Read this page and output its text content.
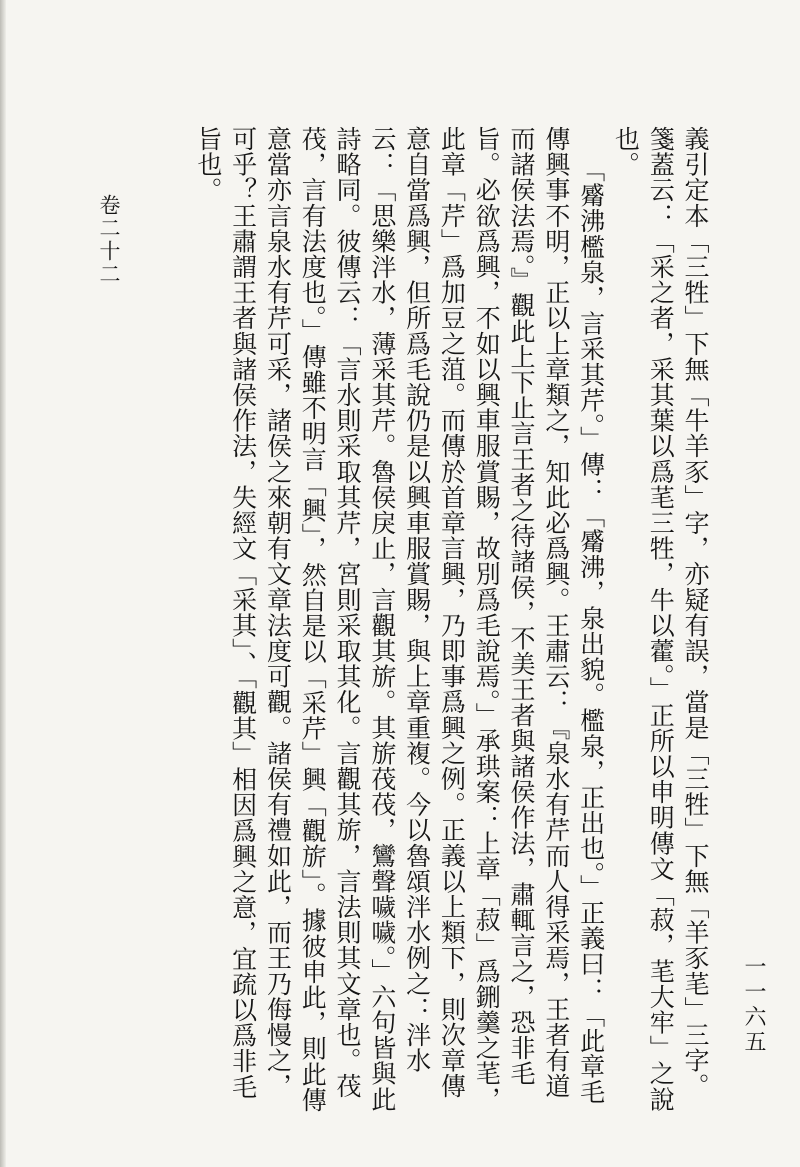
一一六五

義引定本「三牲」下無「牛羊豕」字，亦疑有誤，當是「三牲」下無「羊豕芼」三字。箋蓋云：「采之者，采其葉以爲芼三牲，牛以藿。」正所以申明傳文「菽，芼大牢」之說也。

「觱沸檻泉，言采其芹。」傳：「觱沸，泉出貌。檻泉，正出也。」正義曰：「此章毛傳興事不明，正以上章類之，知此必爲興。王肅云：『泉水有芹而人得采焉，王者有道而諸侯法焉。』觀此上下止言王者之待諸侯，不美王者與諸侯作法，肅輒言之，恐非毛旨。必欲爲興，不如以興車服賞賜，故別爲毛說焉。」承珙案：上章「菽」爲鉶羹之芼，此章「芹」爲加豆之菹。而傳於首章言興，乃即事爲興之例。正義以上類下，則次章傳意自當爲興，但所爲毛說仍是以興車服賞賜，與上章重複。今以魯頌泮水例之：泮水云：「思樂泮水，薄采其芹。魯侯戾止，言觀其旂。其旂茷茷，鸞聲噦噦。」六句皆與此詩略同。彼傳云：「言水則采取其芹，宮則采取其化。言觀其旂，言法則其文章也。茷茷，言有法度也。」傳雖不明言「興」，然自是以「采芹」興「觀旂」。據彼申此，則此傳意當亦言泉水有芹可采，諸侯之來朝有文章法度可觀。諸侯有禮如此，而王乃侮慢之，可乎？王肅謂王者與諸侯作法，失經文「采其」、「觀其」相因爲興之意，宜疏以爲非毛旨也。

卷二十二
